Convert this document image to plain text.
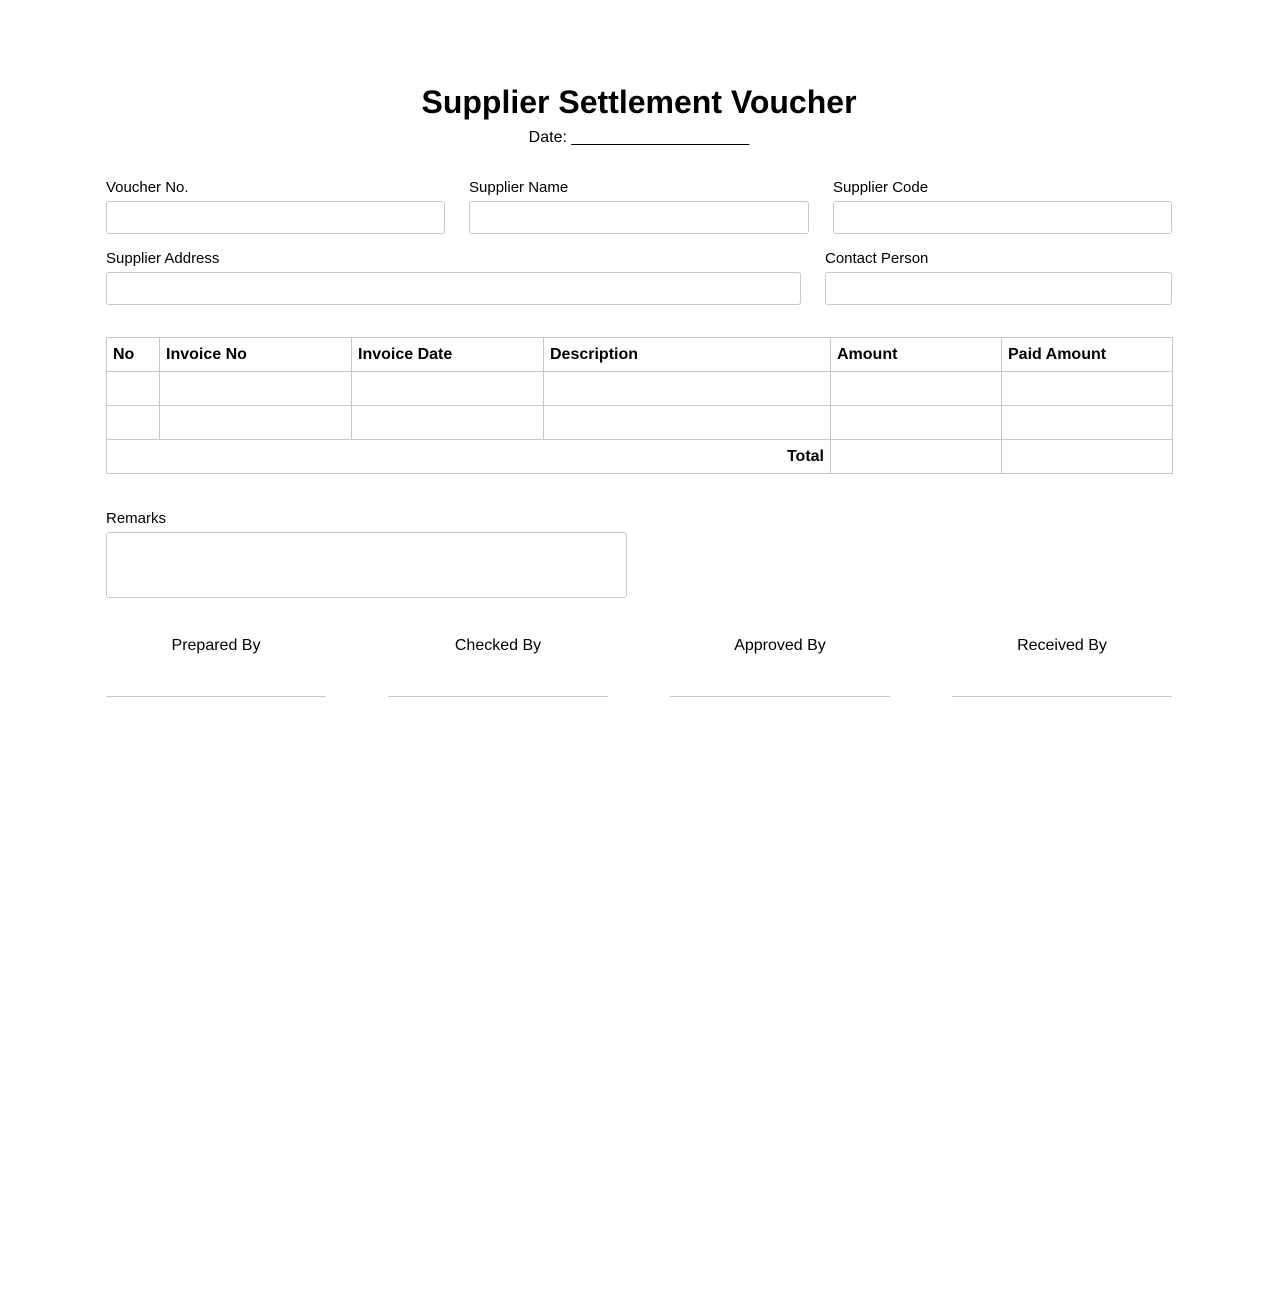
Supplier Settlement Voucher
Date: ____________________
Voucher No.	Supplier Name	Supplier Code
Supplier Address	Contact Person
No	Invoice No	Invoice Date	Description	Amount	Paid Amount

Total					
Remarks
Prepared By	Checked By	Approved By	Received By
